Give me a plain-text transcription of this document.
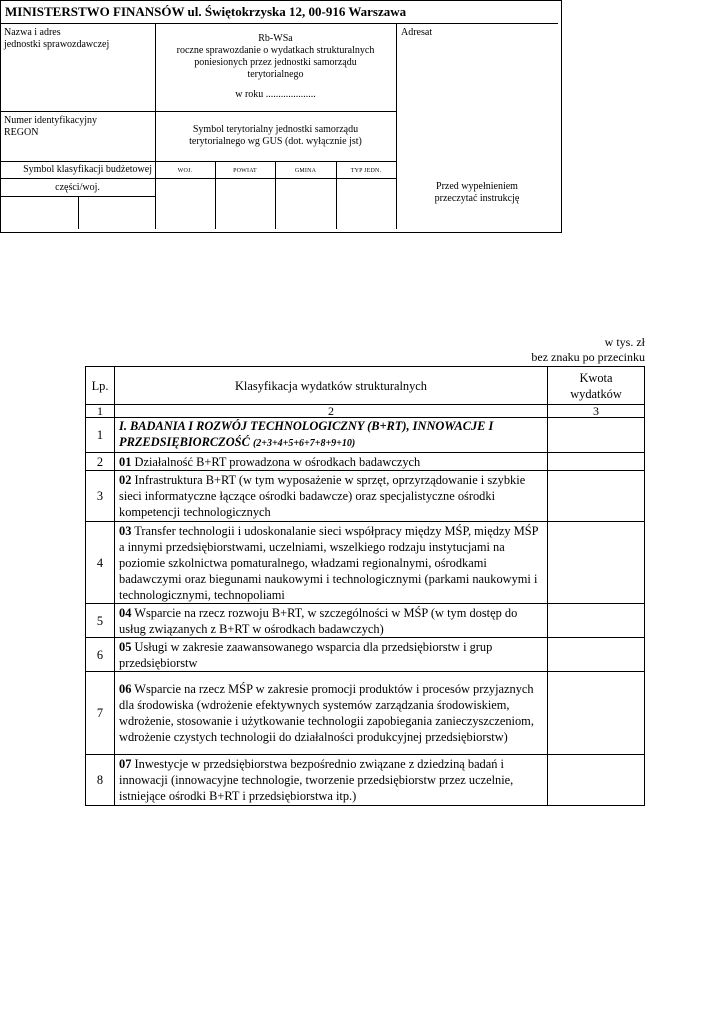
MINISTERSTWO FINANSÓW ul. Świętokrzyska 12, 00-916 Warszawa
Nazwa i adres
jednostki sprawozdawczej
Numer identyfikacyjny
REGON
Symbol klasyfikacji budżetowej
części/woj.
Rb-WSa
roczne sprawozdanie o wydatkach strukturalnych
poniesionych przez jednostki samorządu
terytorialnego
w roku ....................
Symbol terytorialny jednostki samorządu
terytorialnego wg GUS (dot. wyłącznie jst)
WOJ.	POWIAT	GMINA	TYP JEDN.
Adresat
Przed wypełnieniem
przeczytać instrukcję
w tys. zł
bez znaku po przecinku
Lp.	Klasyfikacja wydatków strukturalnych	Kwota
wydatków

1	2	3
1	I. BADANIA I ROZWÓJ TECHNOLOGICZNY (B+RT), INNOWACJE I PRZEDSIĘBIORCZOŚĆ (2+3+4+5+6+7+8+9+10)	
2	01 Działalność B+RT prowadzona w ośrodkach badawczych	
3	02 Infrastruktura B+RT (w tym wyposażenie w sprzęt, oprzyrządowanie i szybkie sieci informatyczne łączące ośrodki badawcze) oraz specjalistyczne ośrodki kompetencji technologicznych	
4	03 Transfer technologii i udoskonalanie sieci współpracy między MŚP, między MŚP a innymi przedsiębiorstwami, uczelniami, wszelkiego rodzaju instytucjami na poziomie szkolnictwa pomaturalnego, władzami regionalnymi, ośrodkami badawczymi oraz biegunami naukowymi i technologicznymi (parkami naukowymi i technologicznymi, technopoliami	
5	04 Wsparcie na rzecz rozwoju B+RT, w szczególności w MŚP (w tym dostęp do usług związanych z B+RT w ośrodkach badawczych)	
6	05 Usługi w zakresie zaawansowanego wsparcia dla przedsiębiorstw i grup przedsiębiorstw	
7	06 Wsparcie na rzecz MŚP w zakresie promocji produktów i procesów przyjaznych dla środowiska (wdrożenie efektywnych systemów zarządzania środowiskiem, wdrożenie, stosowanie i użytkowanie technologii zapobiegania zanieczyszczeniom, wdrożenie czystych technologii do działalności produkcyjnej przedsiębiorstw)	
8	07 Inwestycje w przedsiębiorstwa bezpośrednio związane z dziedziną badań i innowacji (innowacyjne technologie, tworzenie przedsiębiorstw przez uczelnie, istniejące ośrodki B+RT i przedsiębiorstwa itp.)	
